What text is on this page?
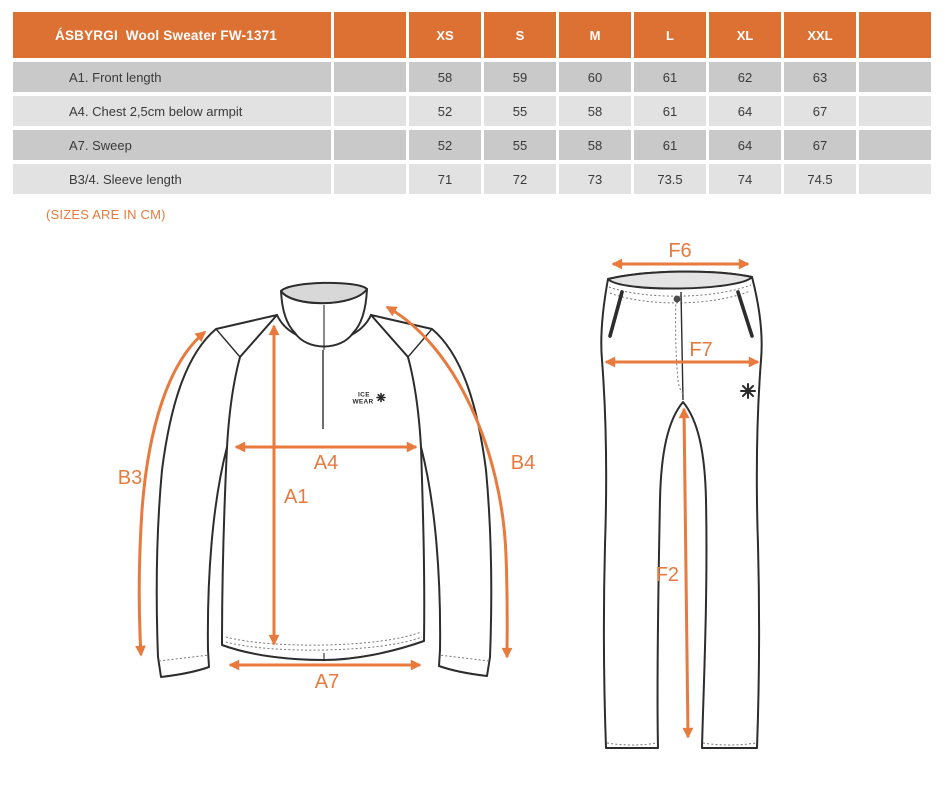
ÁSBYRGI  Wool Sweater FW-1371		XS	S	M	L	XL	XXL	
A1. Front length		58	59	60	61	62	63	
A4. Chest 2,5cm below armpit		52	55	58	61	64	67	
A7. Sweep		52	55	58	61	64	67	
B3/4. Sleeve length		71	72	73	73.5	74	74.5	
(SIZES ARE IN CM)
ICE
WEAR
B3
A4
A1
B4
A7
F6
F7
F2
